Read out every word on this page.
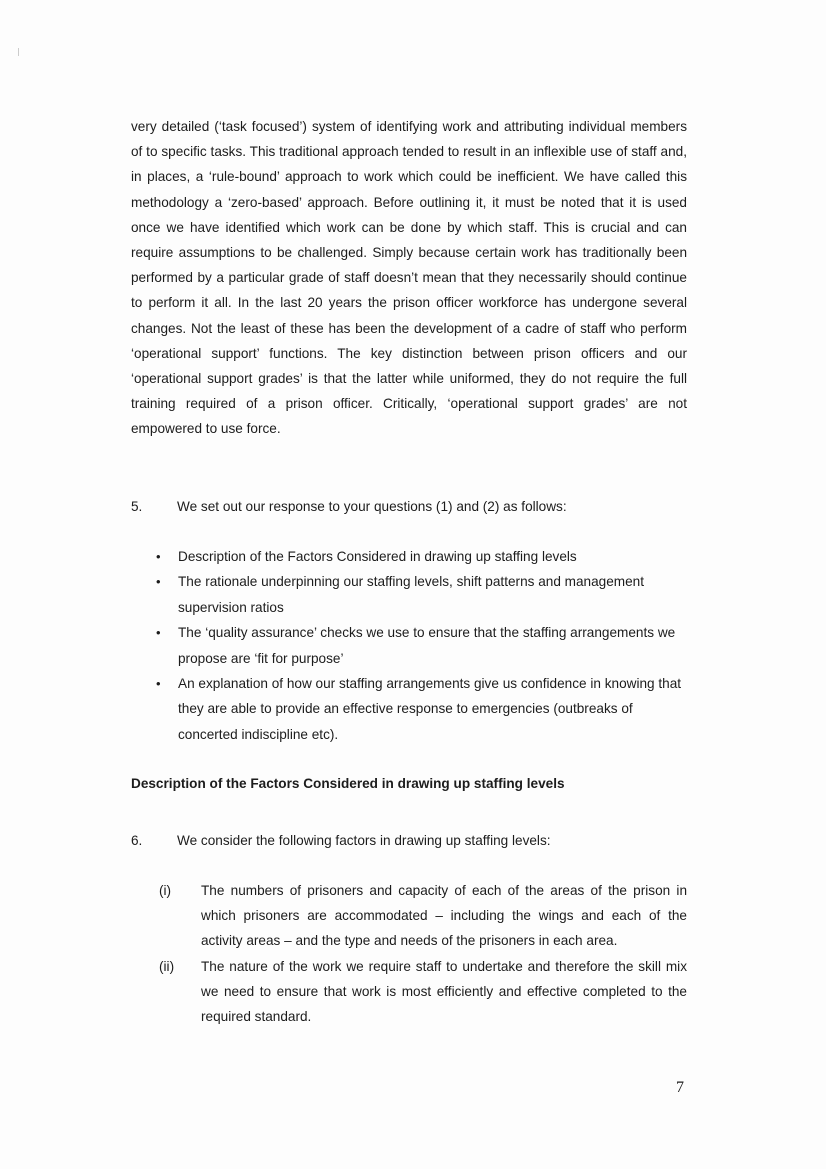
very detailed (‘task focused’) system of identifying work and attributing individual members of to specific tasks. This traditional approach tended to result in an inflexible use of staff and, in places, a ‘rule-bound’ approach to work which could be inefficient. We have called this methodology a ‘zero-based’ approach. Before outlining it, it must be noted that it is used once we have identified which work can be done by which staff. This is crucial and can require assumptions to be challenged. Simply because certain work has traditionally been performed by a particular grade of staff doesn’t mean that they necessarily should continue to perform it all. In the last 20 years the prison officer workforce has undergone several changes. Not the least of these has been the development of a cadre of staff who perform ‘operational support’ functions. The key distinction between prison officers and our ‘operational support grades’ is that the latter while uniformed, they do not require the full training required of a prison officer. Critically, ‘operational support grades’ are not empowered to use force.

5.	We set out our response to your questions (1) and (2) as follows:
• Description of the Factors Considered in drawing up staffing levels
• The rationale underpinning our staffing levels, shift patterns and management supervision ratios
• The ‘quality assurance’ checks we use to ensure that the staffing arrangements we propose are ‘fit for purpose’
• An explanation of how our staffing arrangements give us confidence in knowing that they are able to provide an effective response to emergencies (outbreaks of concerted indiscipline etc).
Description of the Factors Considered in drawing up staffing levels
6.	We consider the following factors in drawing up staffing levels:
(i) The numbers of prisoners and capacity of each of the areas of the prison in which prisoners are accommodated – including the wings and each of the activity areas – and the type and needs of the prisoners in each area.
(ii) The nature of the work we require staff to undertake and therefore the skill mix we need to ensure that work is most efficiently and effective completed to the required standard.
7
